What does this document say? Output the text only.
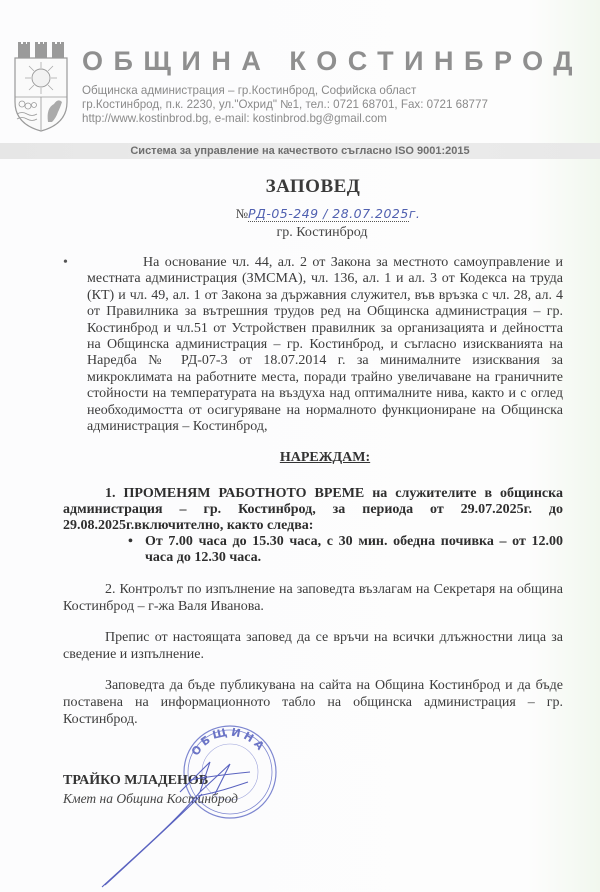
ОБЩИНА КОСТИНБРОД
Общинска администрация – гр.Костинброд, Софийска област
гр.Костинброд, п.к. 2230, ул."Охрид" №1, тел.: 0721 68701, Fax: 0721 68777
http://www.kostinbrod.bg, e-mail: kostinbrod.bg@gmail.com
Система за управление на качеството съгласно ISO 9001:2015
ЗАПОВЕД
№РД-05-249 / 28.07.2025г.
гр. Костинброд
•	На основание чл. 44, ал. 2 от Закона за местното самоуправление и местната администрация (ЗМСМА), чл. 136, ал. 1 и ал. 3 от Кодекса на труда (КТ) и чл. 49, ал. 1 от Закона за държавния служител, във връзка с чл. 28, ал. 4 от Правилника за вътрешния трудов ред на Общинска администрация – гр. Костинброд и чл.51 от Устройствен правилник за организацията и дейността на Общинска администрация – гр. Костинброд, и съгласно изискванията на Наредба № РД-07-3 от 18.07.2014 г. за минималните изисквания за микроклимата на работните места, поради трайно увеличаване на граничните стойности на температурата на въздуха над оптималните нива, както и с оглед необходимостта от осигуряване на нормалното функциониране на Общинска администрация – Костинброд,

НАРЕЖДАМ:

1. ПРОМЕНЯМ РАБОТНОТО ВРЕМЕ на служителите в общинска администрация – гр. Костинброд, за периода от 29.07.2025г. до 29.08.2025г.включително, както следва:

• От 7.00 часа до 15.30 часа, с 30 мин. обедна почивка – от 12.00 часа до 12.30 часа.

2. Контролът по изпълнение на заповедта възлагам на Секретаря на община Костинброд – г-жа Валя Иванова.

Препис от настоящата заповед да се връчи на всички длъжностни лица за сведение и изпълнение.

Заповедта да бъде публикувана на сайта на Община Костинброд и да бъде поставена на информационното табло на общинска администрация – гр. Костинброд.

ОБЩИНА
ТРАЙКО МЛАДЕНОВ
Кмет на Община Костинброд
